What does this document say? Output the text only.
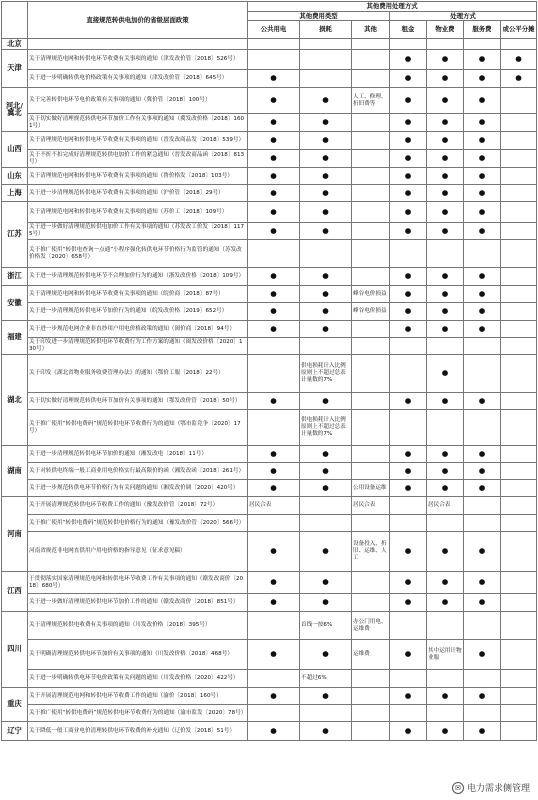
	直接规范转供电加价的省级层面政策	其他费用处理方式						
		其他费用类型			处理方式			
		公共用电	损耗	其他	租金	物业费	服务费	或公平分摊
北京								
天津	关于清理规范电网和转供电环节收费有关事项的通知（津发改价管〔2018〕526号）				●	●	●	●
	关于进一步明确转供电价格政策有关事项的通知（津发改价管〔2018〕645号）	●			●	●	●	●
河北/冀北	关于完善转供电环节电价政策有关事项的通知（冀价管〔2018〕100号）	●	●	人工、修理、折旧费等	●	●	●	
	关于切实做好清理规范转供电环节加价工作有关事项的通知（冀发改价格〔2018〕1601号）	●	●		●	●	●	
山西	关于清理规范电网和转供电环节收费有关事项的通知（晋发改商品发〔2018〕539号）	●	●		●	●	●	
	关于不折不扣完成好清理规范转供电加价工作的紧急通知（晋发改商品函〔2018〕813号）	●	●		●	●	●	
山东	关于清理规范电网和转供电环节收费有关事项的通知（鲁价格发〔2018〕103号）	●	●		●	●	●	
上海	关于进一步清理规范转供电环节收费有关事项的通知（沪价管〔2018〕29号）	●	●		●	●	●	
江苏	关于清理规范电网和转供电环节收费有关事项的通知（苏价工〔2018〕109号）	●	●		●	●	●	
	关于进一步做好清理规范转供电加价工作有关事项的通知（苏发改工价发〔2018〕1175号）	●	●		●	●	●	
	关于推广使用“转供电查询一点通”小程序强化转供电环节价格行为监管的通知（苏发改价格发〔2020〕658号）							
浙江	关于进一步清理规范转供电环节不合理加价行为的通知（浙发改价格〔2018〕109号）	●	●		●	●	●	
安徽	关于清理规范电网和转供电环节收费有关事项的通知（皖价商〔2018〕87号）	●	●	峰谷电价损益	●	●	●	
	关于进一步清理规范转供电环节加价行为的通知（皖发改价格〔2019〕652号）	●	●	峰谷电价损益	●	●	●	
福建	关于进一步规范电网企业非直抄用户用电价格政策的通知（闽价商〔2018〕94号）	●	●		●	●	●	
	关于印发进一步清理规范转供电环节收费行为工作方案的通知（闽发改价格〔2020〕130号）							
湖北	关于印发《湖北省物业服务收费管理办法》的通知（鄂价工服〔2018〕22号）		供电损耗计入比例原则上不超过总表计量数的7%			●		
	关于切实做好清理规范转供电环节加价有关事项的通知（鄂发改价管〔2018〕50号）	●	●		●	●	●	
	关于推广使用“转供电费码”规范转供电环节收费行为的通知（鄂市监竞争〔2020〕17号）		供电损耗计入比例原则上不超过总表计量数的7%					
湖南	关于进一步清理规范转供电环节加价的通知（湘发改电〔2018〕11号）	●	●		●	●	●	
	关于对转供电终端一般工商业用电价格实行最高限价的函（湘发改函〔2018〕261号）	●	●		●	●	●	
	关于进一步规范转供电环节价格行为有关问题的通知（湘发改价调〔2020〕420号）	●	●	公用设备运维	●	●	●	
河南	关于开展清理规范转供电环节收费工作的通知（豫发改价管〔2018〕72号）	居民合表		居民合表		居民合表		
	关于推广使用“转供电费码”规范转供电价格行为的通知（豫发改价管〔2020〕566号）							
	河南省规范非电网直供用户用电价格的指导意见（征求意见稿）	●	●	设备投入、折旧、运维、人工	●	●	●	
江西	于贯彻落实国家清理规范电网和转供电环节收费工作有关事项的通知（赣发改商价〔2018〕680号）	●	●		●	●	●	
	关于进一步做好清理规范转供电环节加价工作的通知（赣发改商价〔2018〕851号）	●	●		●	●	●	
四川	关于清理规范转供电收费有关事项的通知（川发改价格〔2018〕395号）		首线一按6%	办公门用电、运维费				
	关于明确清理规范转供电环节加价有关事项的通知（川发改价格〔2018〕468号）	●	●	运维费	●	其中运用计物业服	●	
	关于进一步明确转供电环节电价政策有关问题的通知（川发改价格〔2020〕422号）		不超过6%					
重庆	关于开展清理规范电网和转供电环节收费工作的通知（渝价〔2018〕160号）	●	●		●	●	●	
	关于推广使用“转供电费码”规范转供电环节收费行为的通知（渝市监发〔2020〕78号）							
辽宁	关于降低一般工商业电价清理转供电环节收费的补充通知（辽价发〔2018〕51号）	●	●		●	●	●	
✉ 电力需求侧管理
